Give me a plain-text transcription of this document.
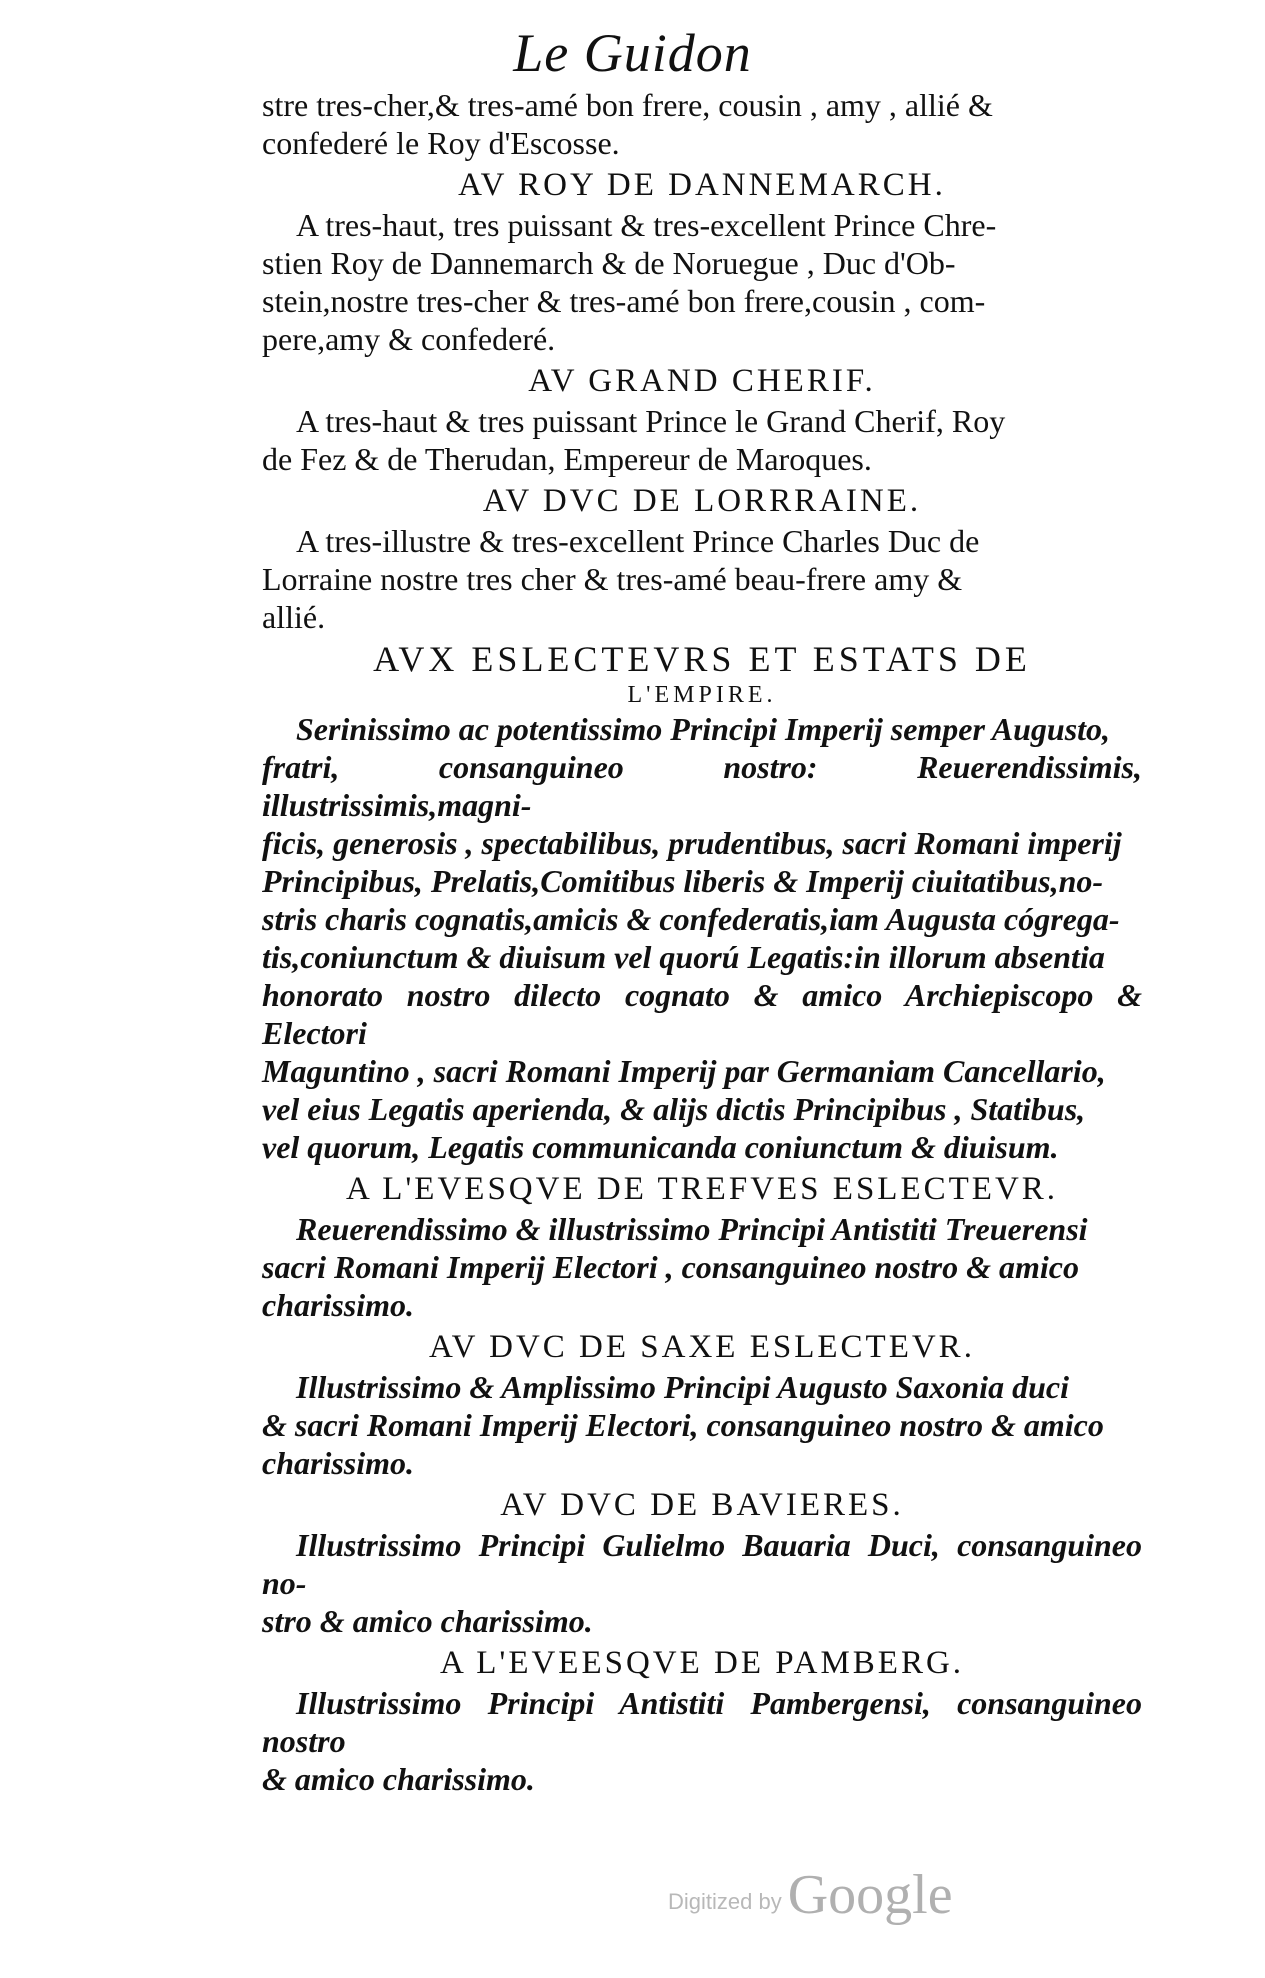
Le Guidon

stre tres-cher,& tres-amé bon frere, cousin , amy , allié &

confederé le Roy d'Escosse.

AV ROY DE DANNEMARCH.

A tres-haut, tres puissant & tres-excellent Prince Chre-

stien Roy de Dannemarch & de Noruegue , Duc d'Ob-

stein,nostre tres-cher & tres-amé bon frere,cousin , com-

pere,amy & confederé.

AV GRAND CHERIF.

A tres-haut & tres puissant Prince le Grand Cherif, Roy

de Fez & de Therudan, Empereur de Maroques.

AV DVC DE LORRRAINE.

A tres-illustre & tres-excellent Prince Charles Duc de

Lorraine nostre tres cher & tres-amé beau-frere amy &

allié.

AVX ESLECTEVRS ET ESTATS DE

L'EMPIRE.

Serinissimo ac potentissimo Principi Imperij semper Augusto,

fratri, consanguineo nostro: Reuerendissimis, illustrissimis,magni-

ficis, generosis , spectabilibus, prudentibus, sacri Romani imperij

Principibus, Prelatis,Comitibus liberis & Imperij ciuitatibus,no-

stris charis cognatis,amicis & confederatis,iam Augusta cógrega-

tis,coniunctum & diuisum vel quorú Legatis:in illorum absentia

honorato nostro dilecto cognato & amico Archiepiscopo & Electori

Maguntino , sacri Romani Imperij par Germaniam Cancellario,

vel eius Legatis aperienda, & alijs dictis Principibus , Statibus,

vel quorum, Legatis communicanda coniunctum & diuisum.

A L'EVESQVE DE TREFVES ESLECTEVR.

Reuerendissimo & illustrissimo Principi Antistiti Treuerensi

sacri Romani Imperij Electori , consanguineo nostro & amico

charissimo.

AV DVC DE SAXE ESLECTEVR.

Illustrissimo & Amplissimo Principi Augusto Saxonia duci

& sacri Romani Imperij Electori, consanguineo nostro & amico

charissimo.

AV DVC DE BAVIERES.

Illustrissimo Principi Gulielmo Bauaria Duci, consanguineo no-

stro & amico charissimo.

A L'EVEESQVE DE PAMBERG.

Illustrissimo Principi Antistiti Pambergensi, consanguineo nostro

& amico charissimo.

Digitized by Google
